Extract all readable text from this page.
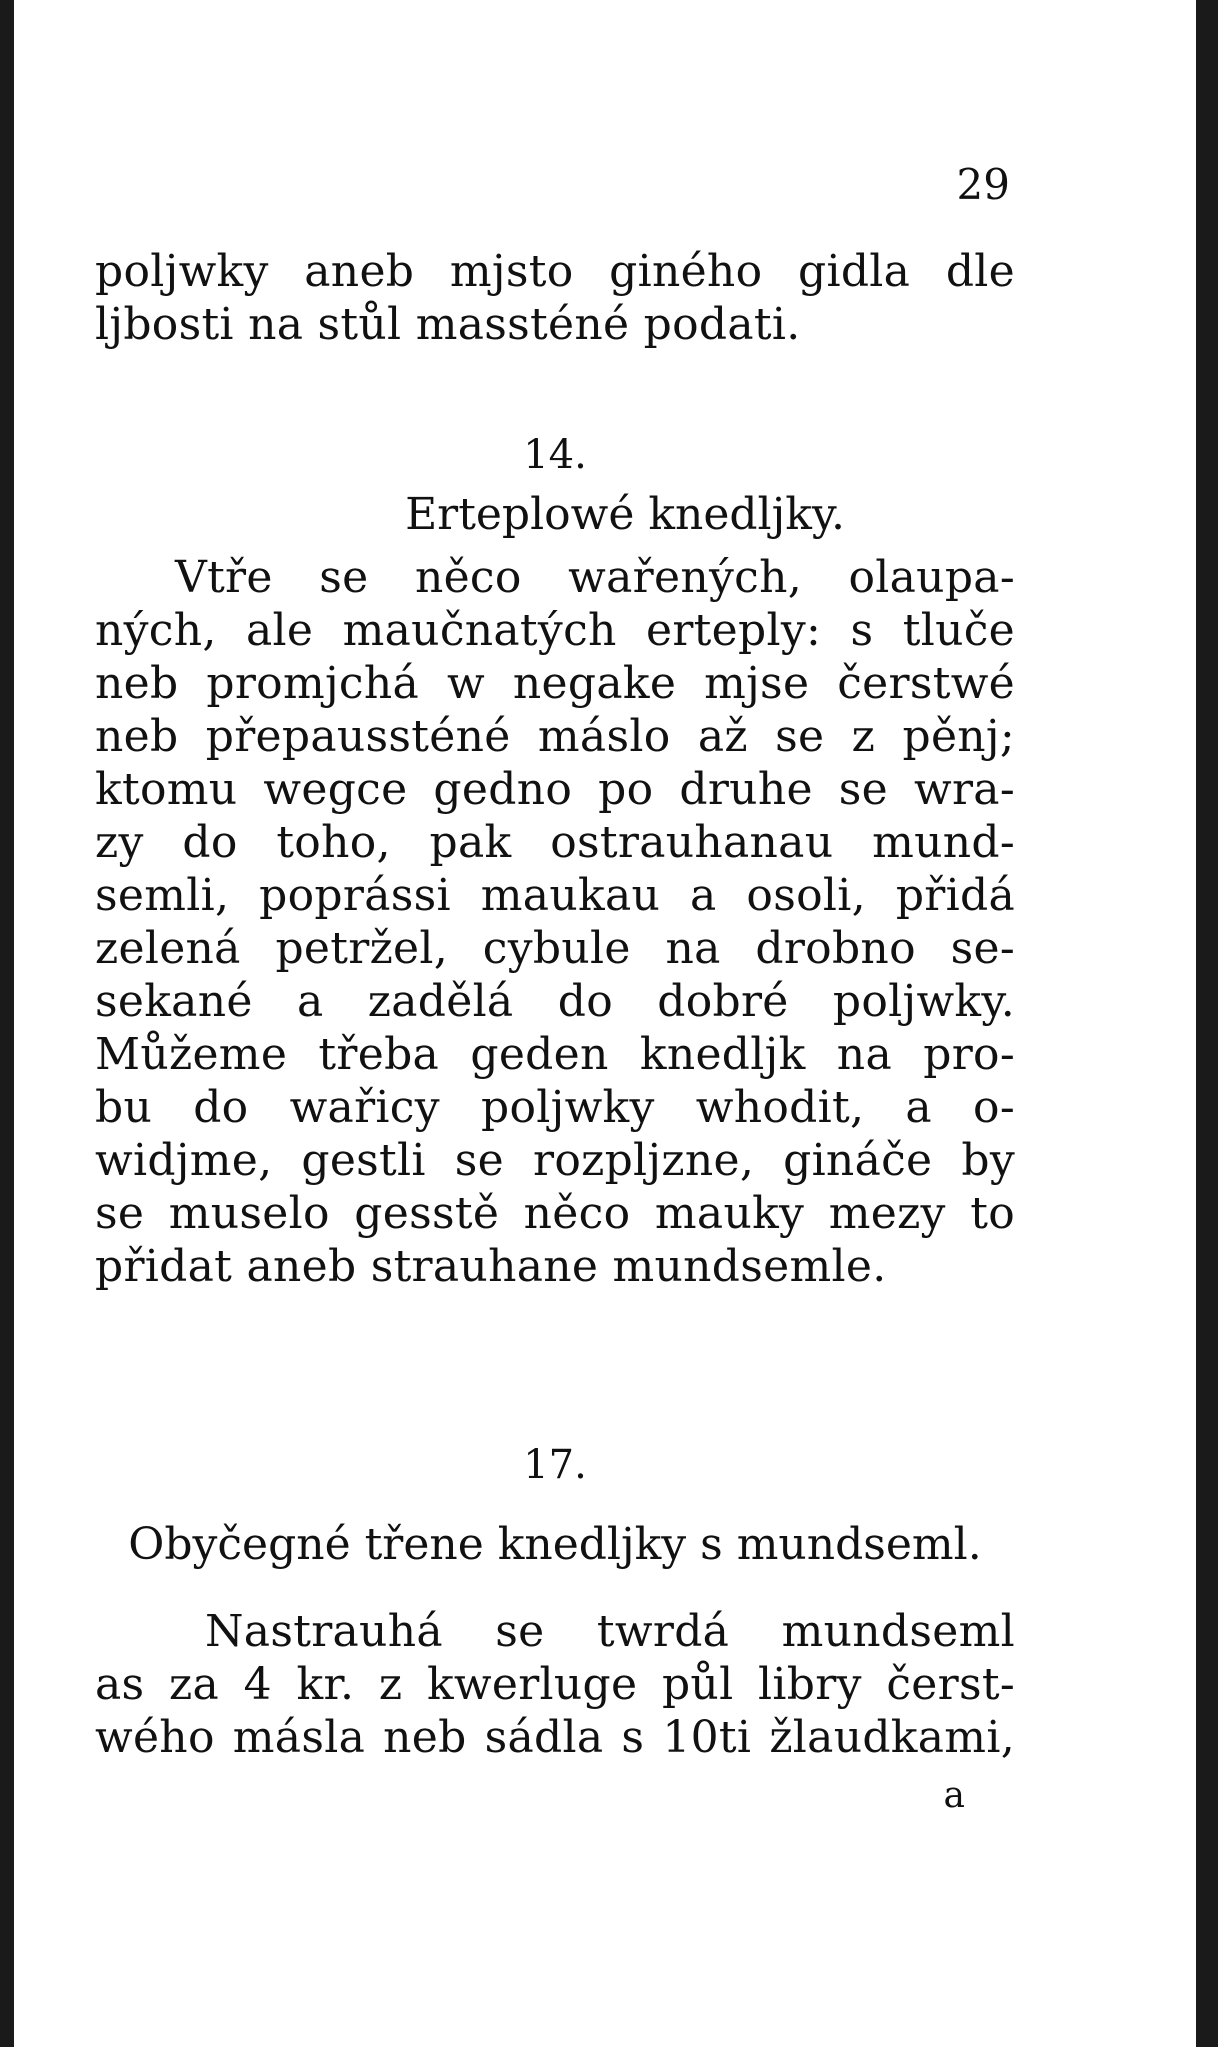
29
poljwky aneb mjsto giného gidla dle
ljbosti na stůl massténé podati.
14.
Erteplowé knedljky.
Vtře se něco wařených, olaupa-
ných, ale maučnatých erteply: s tluče
neb promjchá w negake mjse čerstwé
neb přepaussténé máslo až se z pěnj;
ktomu wegce gedno po druhe se wra-
zy do toho, pak ostrauhanau mund-
semli, poprássi maukau a osoli, přidá
zelená petržel, cybule na drobno se-
sekané a zadělá do dobré poljwky.
Můžeme třeba geden knedljk na pro-
bu do wařicy poljwky whodit, a o-
widjme, gestli se rozpljzne, gináče by
se muselo gesstě něco mauky mezy to
přidat aneb strauhane mundsemle.
17.
Obyčegné třene knedljky s mundseml.
Nastrauhá se twrdá mundseml
as za 4 kr. z kwerluge půl libry čerst-
wého másla neb sádla s 10ti žlaudkami,
a
